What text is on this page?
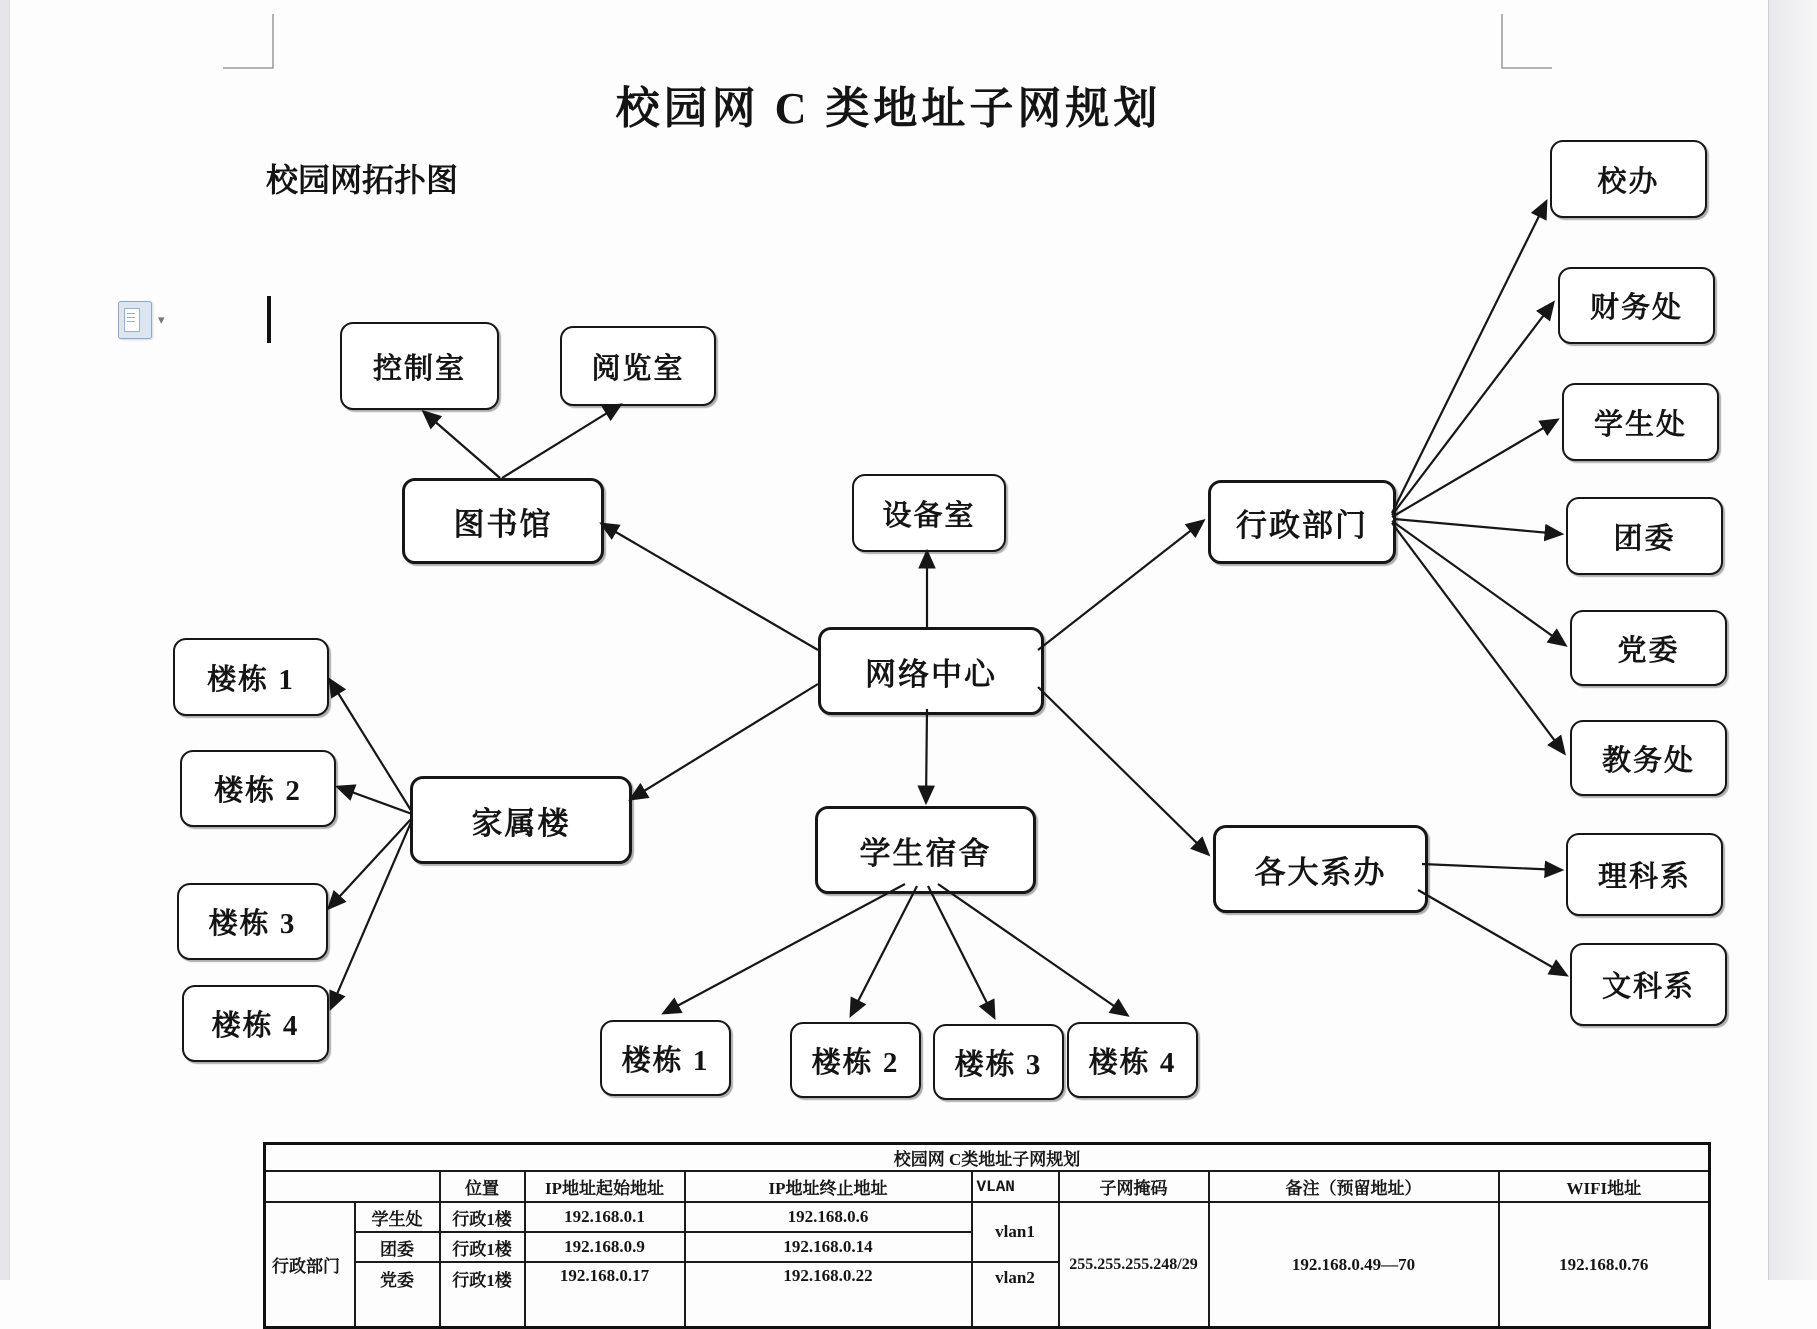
校园网 C 类地址子网规划
校园网拓扑图
▾
控制室	阅览室
图书馆	设备室
网络中心
家属楼
楼栋 1
楼栋 2
楼栋 3
楼栋 4
学生宿舍
楼栋 1	楼栋 2	楼栋 3	楼栋 4
行政部门
各大系办
校办
财务处
学生处
团委
党委
教务处
理科系
文科系
校园网 C类地址子网规划								
		位置	IP地址起始地址	IP地址终止地址	VLAN	子网掩码	备注（预留地址）	WIFI地址
行政部门	学生处	行政1楼	192.168.0.1	192.168.0.6	vlan1	255.255.255.248/29	192.168.0.49—70	192.168.0.76
	团委	行政1楼	192.168.0.9	192.168.0.14				
	党委	行政1楼	192.168.0.17	192.168.0.22	vlan2			
